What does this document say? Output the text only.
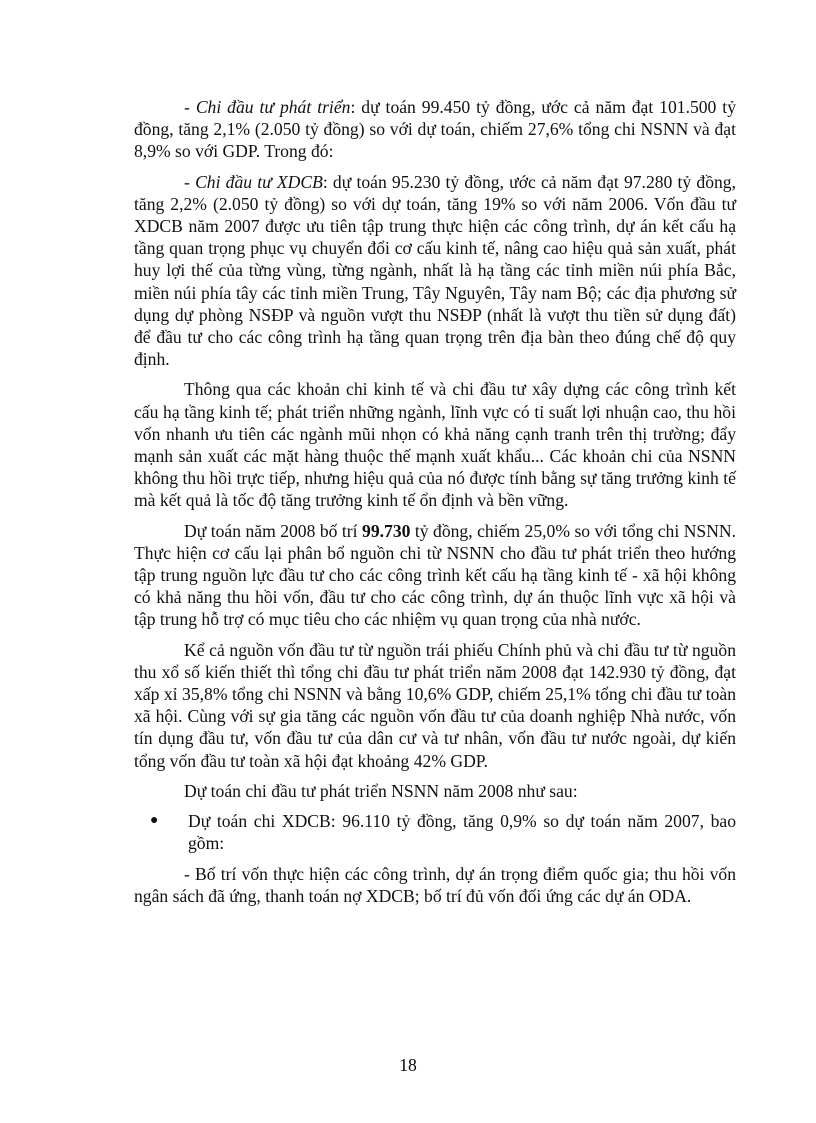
- Chi đầu tư phát triển: dự toán 99.450 tỷ đồng, ước cả năm đạt 101.500 tỷ đồng, tăng 2,1% (2.050 tỷ đồng) so với dự toán, chiếm 27,6% tổng chi NSNN và đạt 8,9% so với GDP. Trong đó:

- Chi đầu tư XDCB: dự toán 95.230 tỷ đồng, ước cả năm đạt 97.280 tỷ đồng, tăng 2,2% (2.050 tỷ đồng) so với dự toán, tăng 19% so với năm 2006. Vốn đầu tư XDCB năm 2007 được ưu tiên tập trung thực hiện các công trình, dự án kết cấu hạ tầng quan trọng phục vụ chuyển đổi cơ cấu kinh tế, nâng cao hiệu quả sản xuất, phát huy lợi thế của từng vùng, từng ngành, nhất là hạ tầng các tỉnh miền núi phía Bắc, miền núi phía tây các tỉnh miền Trung, Tây Nguyên, Tây nam Bộ; các địa phương sử dụng dự phòng NSĐP và nguồn vượt thu NSĐP (nhất là vượt thu tiền sử dụng đất) để đầu tư cho các công trình hạ tầng quan trọng trên địa bàn theo đúng chế độ quy định.

Thông qua các khoản chi kinh tế và chi đầu tư xây dựng các công trình kết cấu hạ tầng kinh tế; phát triển những ngành, lĩnh vực có tỉ suất lợi nhuận cao, thu hồi vốn nhanh ưu tiên các ngành mũi nhọn có khả năng cạnh tranh trên thị trường; đẩy mạnh sản xuất các mặt hàng thuộc thế mạnh xuất khẩu... Các khoản chi của NSNN không thu hồi trực tiếp, nhưng hiệu quả của nó được tính bằng sự tăng trưởng kinh tế mà kết quả là tốc độ tăng trưởng kinh tế ổn định và bền vững.

Dự toán năm 2008 bố trí 99.730 tỷ đồng, chiếm 25,0% so với tổng chi NSNN. Thực hiện cơ cấu lại phân bổ nguồn chi từ NSNN cho đầu tư phát triển theo hướng tập trung nguồn lực đầu tư cho các công trình kết cấu hạ tầng kinh tế - xã hội không có khả năng thu hồi vốn, đầu tư cho các công trình, dự án thuộc lĩnh vực xã hội và tập trung hỗ trợ có mục tiêu cho các nhiệm vụ quan trọng của nhà nước.

Kể cả nguồn vốn đầu tư từ nguồn trái phiếu Chính phủ và chi đầu tư từ nguồn thu xổ số kiến thiết thì tổng chi đầu tư phát triển năm 2008 đạt 142.930 tỷ đồng, đạt xấp xỉ 35,8% tổng chi NSNN và bằng 10,6% GDP, chiếm 25,1% tổng chi đầu tư toàn xã hội. Cùng với sự gia tăng các nguồn vốn đầu tư của doanh nghiệp Nhà nước, vốn tín dụng đầu tư, vốn đầu tư của dân cư và tư nhân, vốn đầu tư nước ngoài, dự kiến tổng vốn đầu tư toàn xã hội đạt khoảng 42% GDP.

Dự toán chi đầu tư phát triển NSNN năm 2008 như sau:

●	Dự toán chi XDCB: 96.110 tỷ đồng, tăng 0,9% so dự toán năm 2007, bao gồm:

- Bố trí vốn thực hiện các công trình, dự án trọng điểm quốc gia; thu hồi vốn ngân sách đã ứng, thanh toán nợ XDCB; bố trí đủ vốn đối ứng các dự án ODA.

18
